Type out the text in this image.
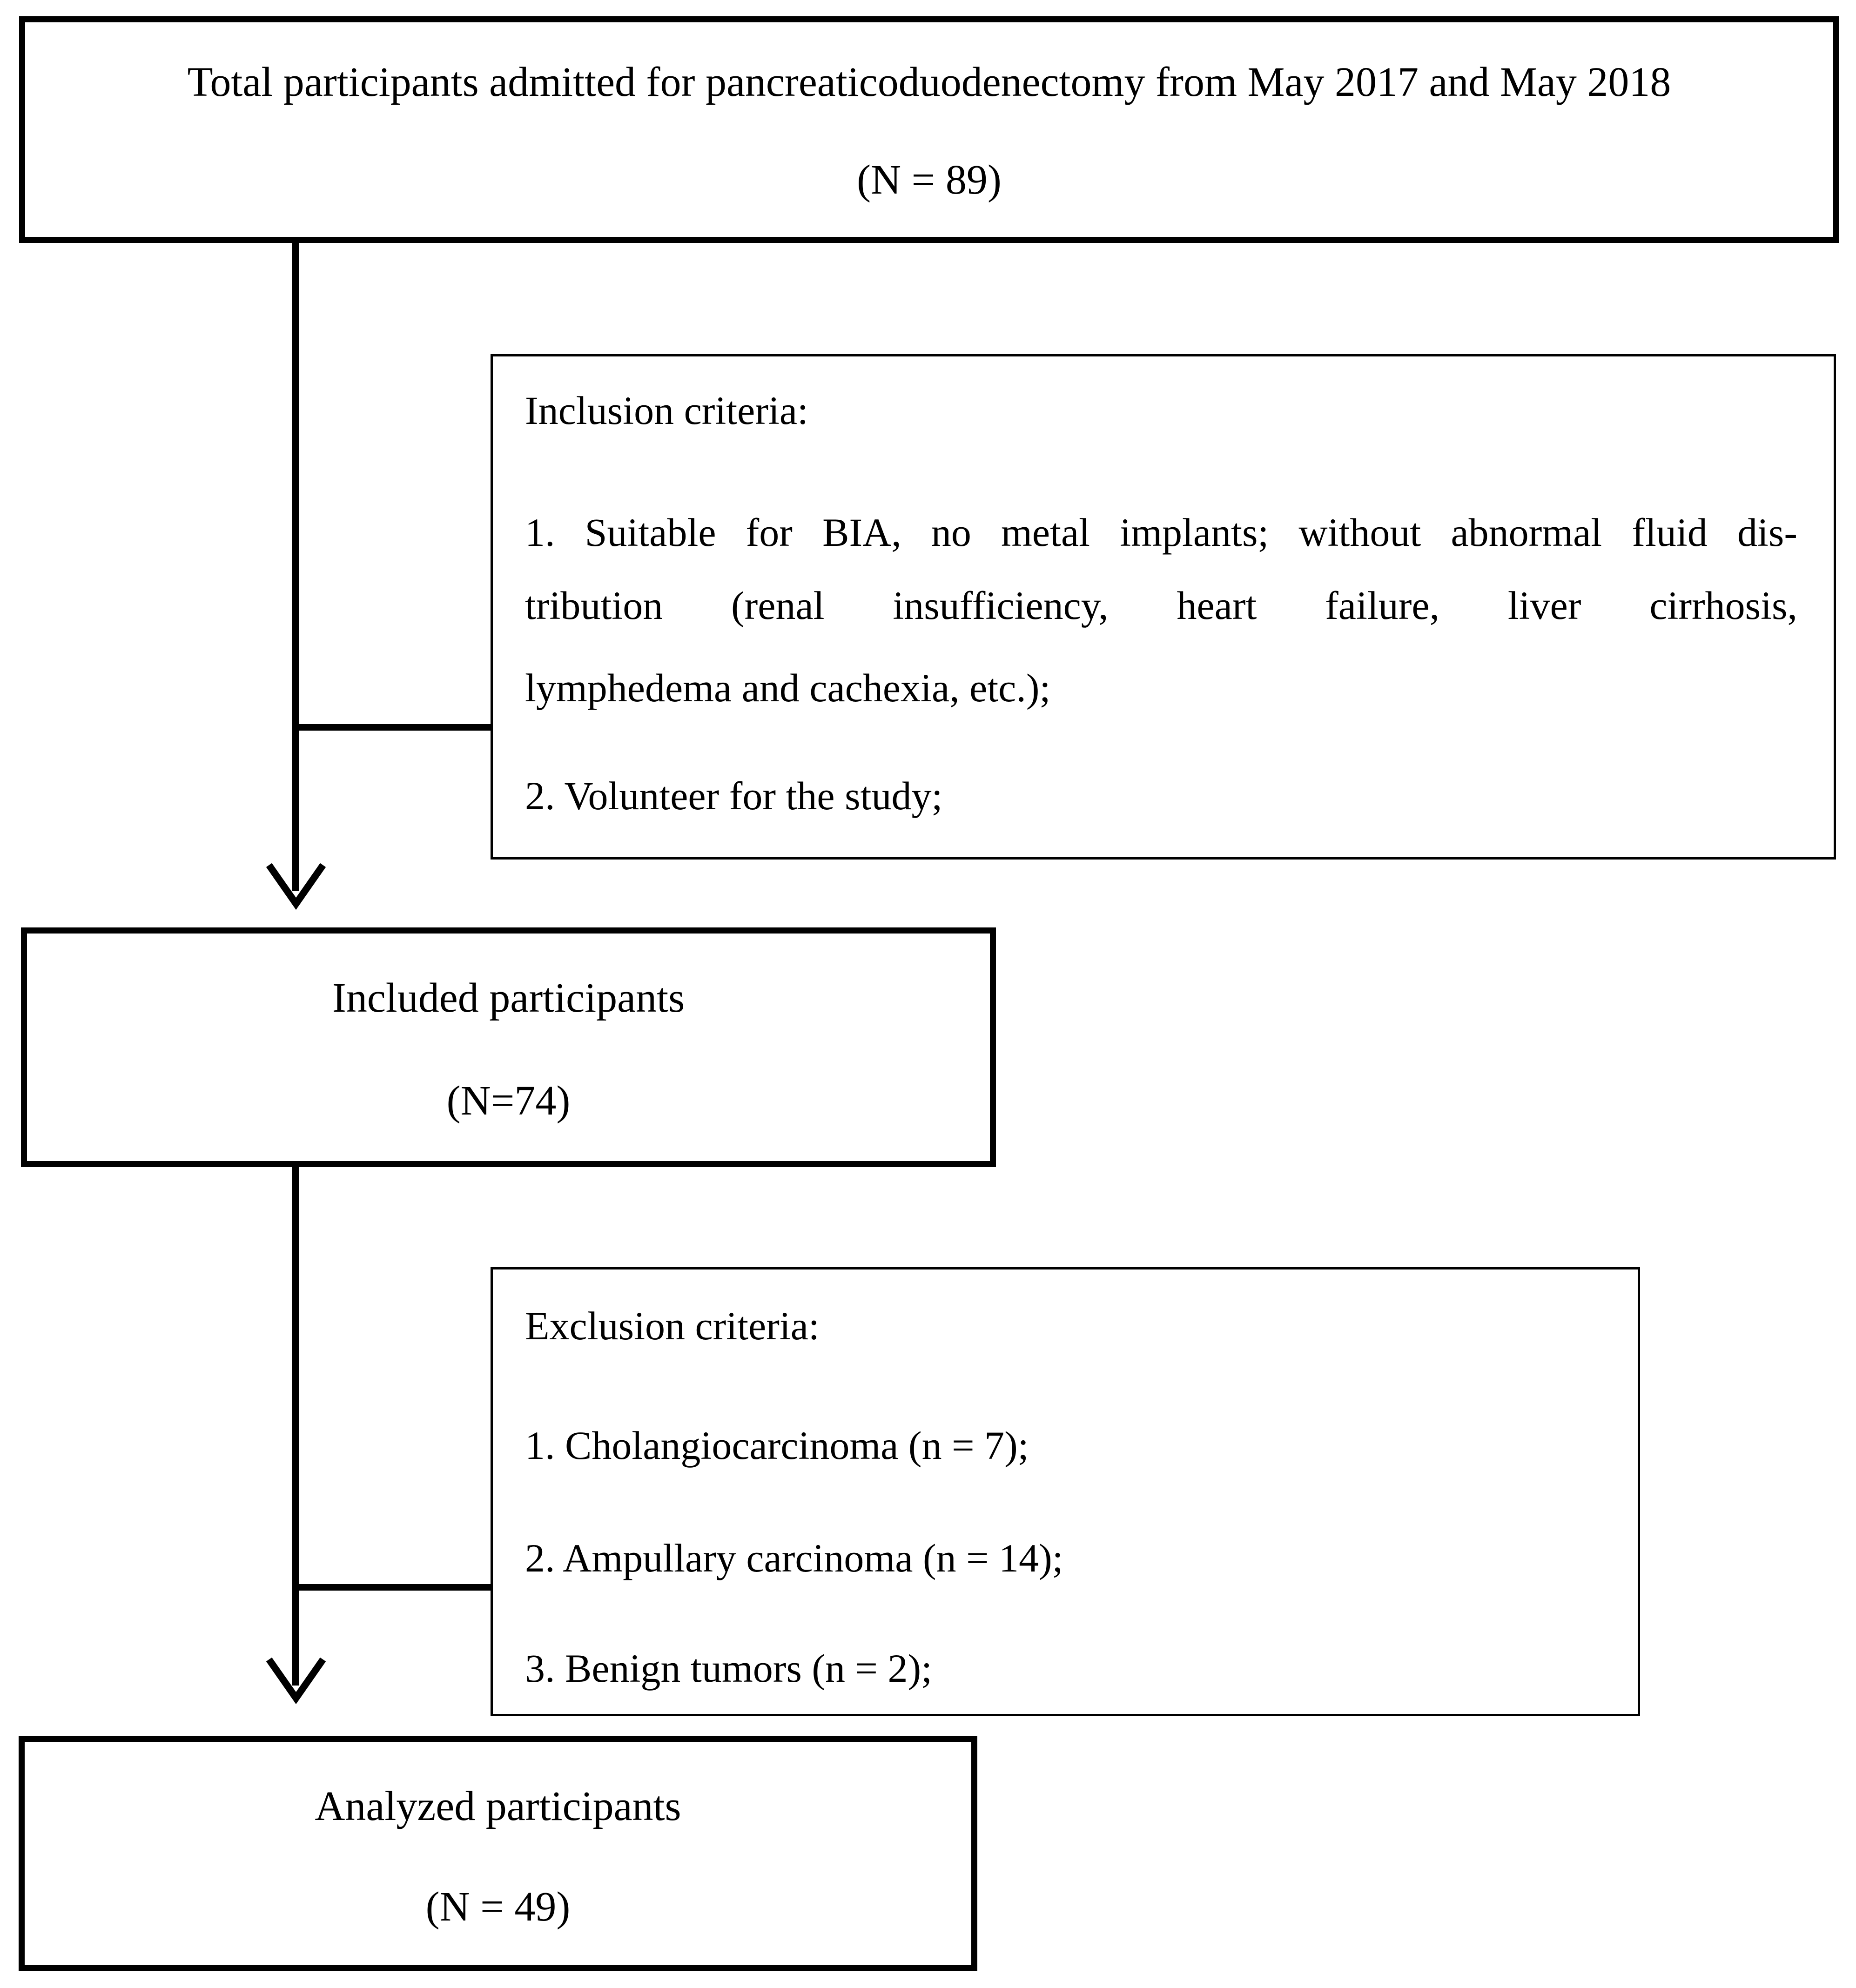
Total participants admitted for pancreaticoduodenectomy from May 2017 and May 2018
(N = 89)
Inclusion criteria:
1. Suitable for BIA, no metal implants; without abnormal fluid dis-
tribution (renal insufficiency, heart failure, liver cirrhosis,
lymphedema and cachexia, etc.);
2. Volunteer for the study;
Included participants
(N=74)
Exclusion criteria:
1. Cholangiocarcinoma (n = 7);
2. Ampullary carcinoma (n = 14);
3. Benign tumors (n = 2);
Analyzed participants
(N = 49)
